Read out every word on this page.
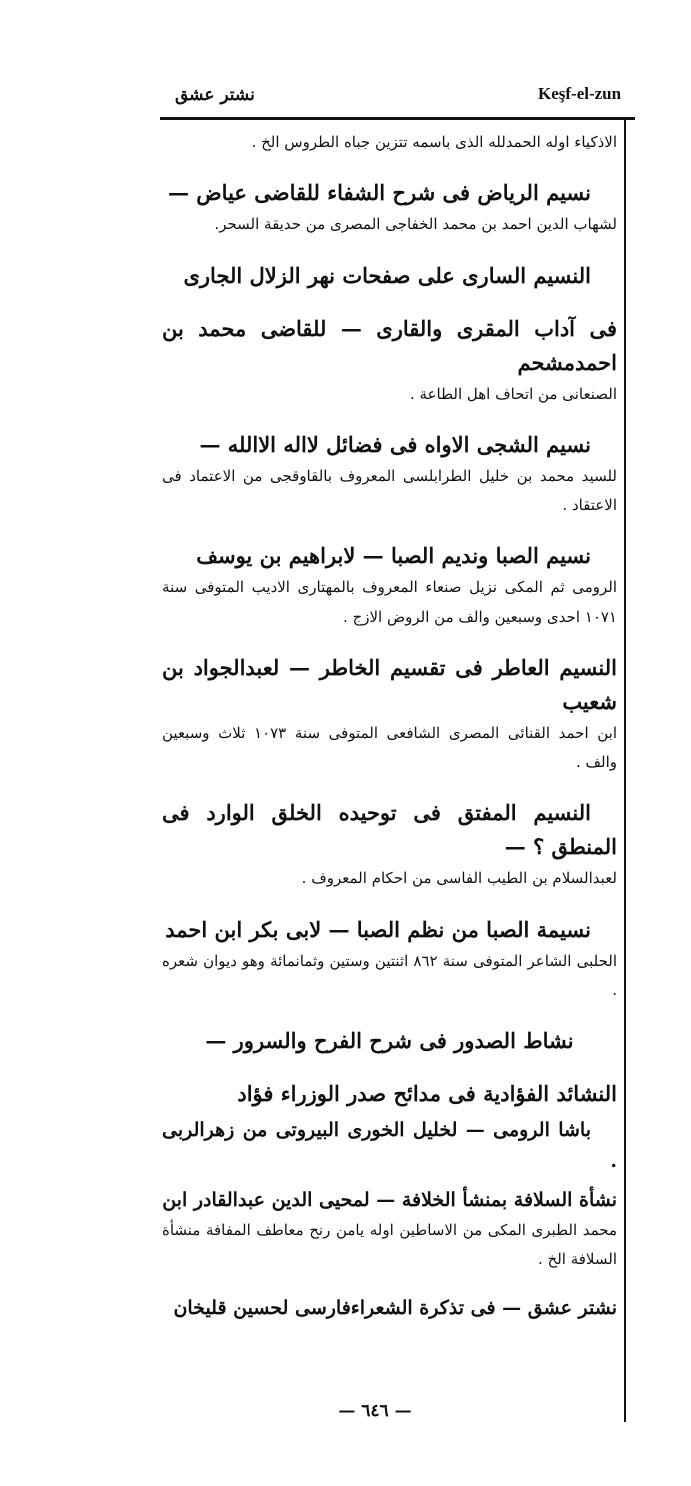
نشتر عشق	Keşf-el-zun
الاذكياء اوله الحمدلله الذى باسمه تتزين جباه الطروس الخ .
نسيم الرياض فى شرح الشفاء للقاضى عياض —
لشهاب الدين احمد بن محمد الخفاجى المصرى من حديقة السحر.
النسيم السارى على صفحات نهر الزلال الجارى
فى آداب المقرى والقارى — للقاضى محمد بن احمدمشحم
الصنعانى من اتحاف اهل الطاعة .
نسيم الشجى الاواه فى فضائل لااله الاالله —
للسيد محمد بن خليل الطرابلسى المعروف بالقاوقجى من الاعتماد فى الاعتقاد .
نسيم الصبا ونديم الصبا — لابراهيم بن يوسف
الرومى ثم المكى نزيل صنعاء المعروف بالمهتارى الاديب المتوفى سنة ١٠٧١ احدى وسبعين والف من الروض الازج .
النسيم العاطر فى تقسيم الخاطر — لعبدالجواد بن شعيب
ابن احمد القنائى المصرى الشافعى المتوفى سنة ١٠٧٣ ثلاث وسبعين والف .
النسيم المفتق فى توحيده الخلق الوارد فى المنطق ؟ —
لعبدالسلام بن الطيب الفاسى من احكام المعروف .
نسيمة الصبا من نظم الصبا — لابى بكر ابن احمد
الحلبى الشاعر المتوفى سنة ٨٦٢ اثنتين وستين وثمانمائة وهو ديوان شعره .
نشاط الصدور فى شرح الفرح والسرور —
النشائد الفؤادية فى مدائح صدر الوزراء فؤاد
باشا الرومى — لخليل الخورى البيروتى من زهرالربى .
نشأة السلافة بمنشأ الخلافة — لمحيى الدين عبدالقادر ابن
محمد الطبرى المكى من الاساطين اوله يامن رنح معاطف المفافة منشأة السلافة الخ .
نشتر عشق — فى تذكرة الشعراءفارسى لحسين قليخان
— ٦٤٦ —
